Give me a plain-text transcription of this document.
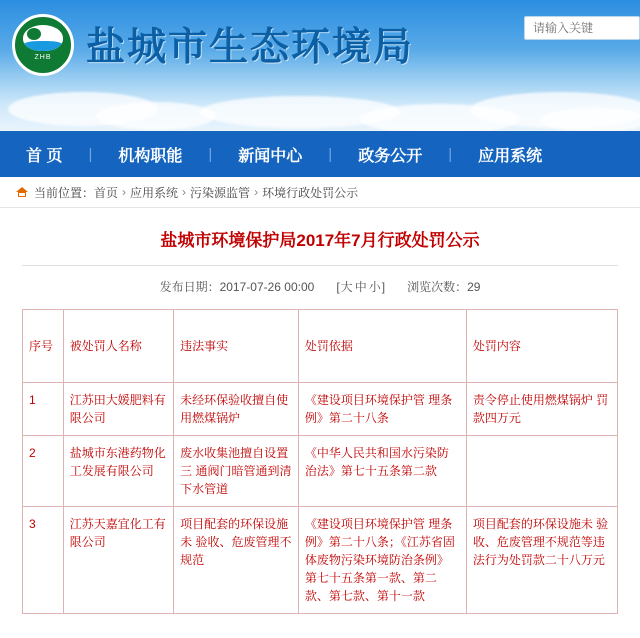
ZHB 盐城市生态环境局
请输入关键
首 页	|	机构职能	|	新闻中心	|	政务公开	|	应用系统
当前位置： 首页 › 应用系统 › 污染源监管 › 环境行政处罚公示
盐城市环境保护局2017年7月行政处罚公示
发布日期：2017-07-26 00:00 [大 中 小] 浏览次数：29
序号	被处罚人名称	违法事实	处罚依据	处罚内容
1	江苏田大媛肥料有限公司	未经环保验收擅自使用燃煤锅炉	《建设项目环境保护管 理条例》第二十八条	责令停止使用燃煤锅炉 罚款四万元
2	盐城市东港药物化工发展有限公司	废水收集池擅自设置三 通阀门暗管通到清下水管道	《中华人民共和国水污染防治法》第七十五条第二款	
3	江苏天嘉宜化工有限公司	项目配套的环保设施未 验收、危废管理不规范	《建设项目环境保护管 理条例》第二十八条；《江苏省固体废物污染环境防治条例》第七十五条第一款、第二款、第七款、第十一款	项目配套的环保设施未 验收、危废管理不规范等违法行为处罚款二十八万元
